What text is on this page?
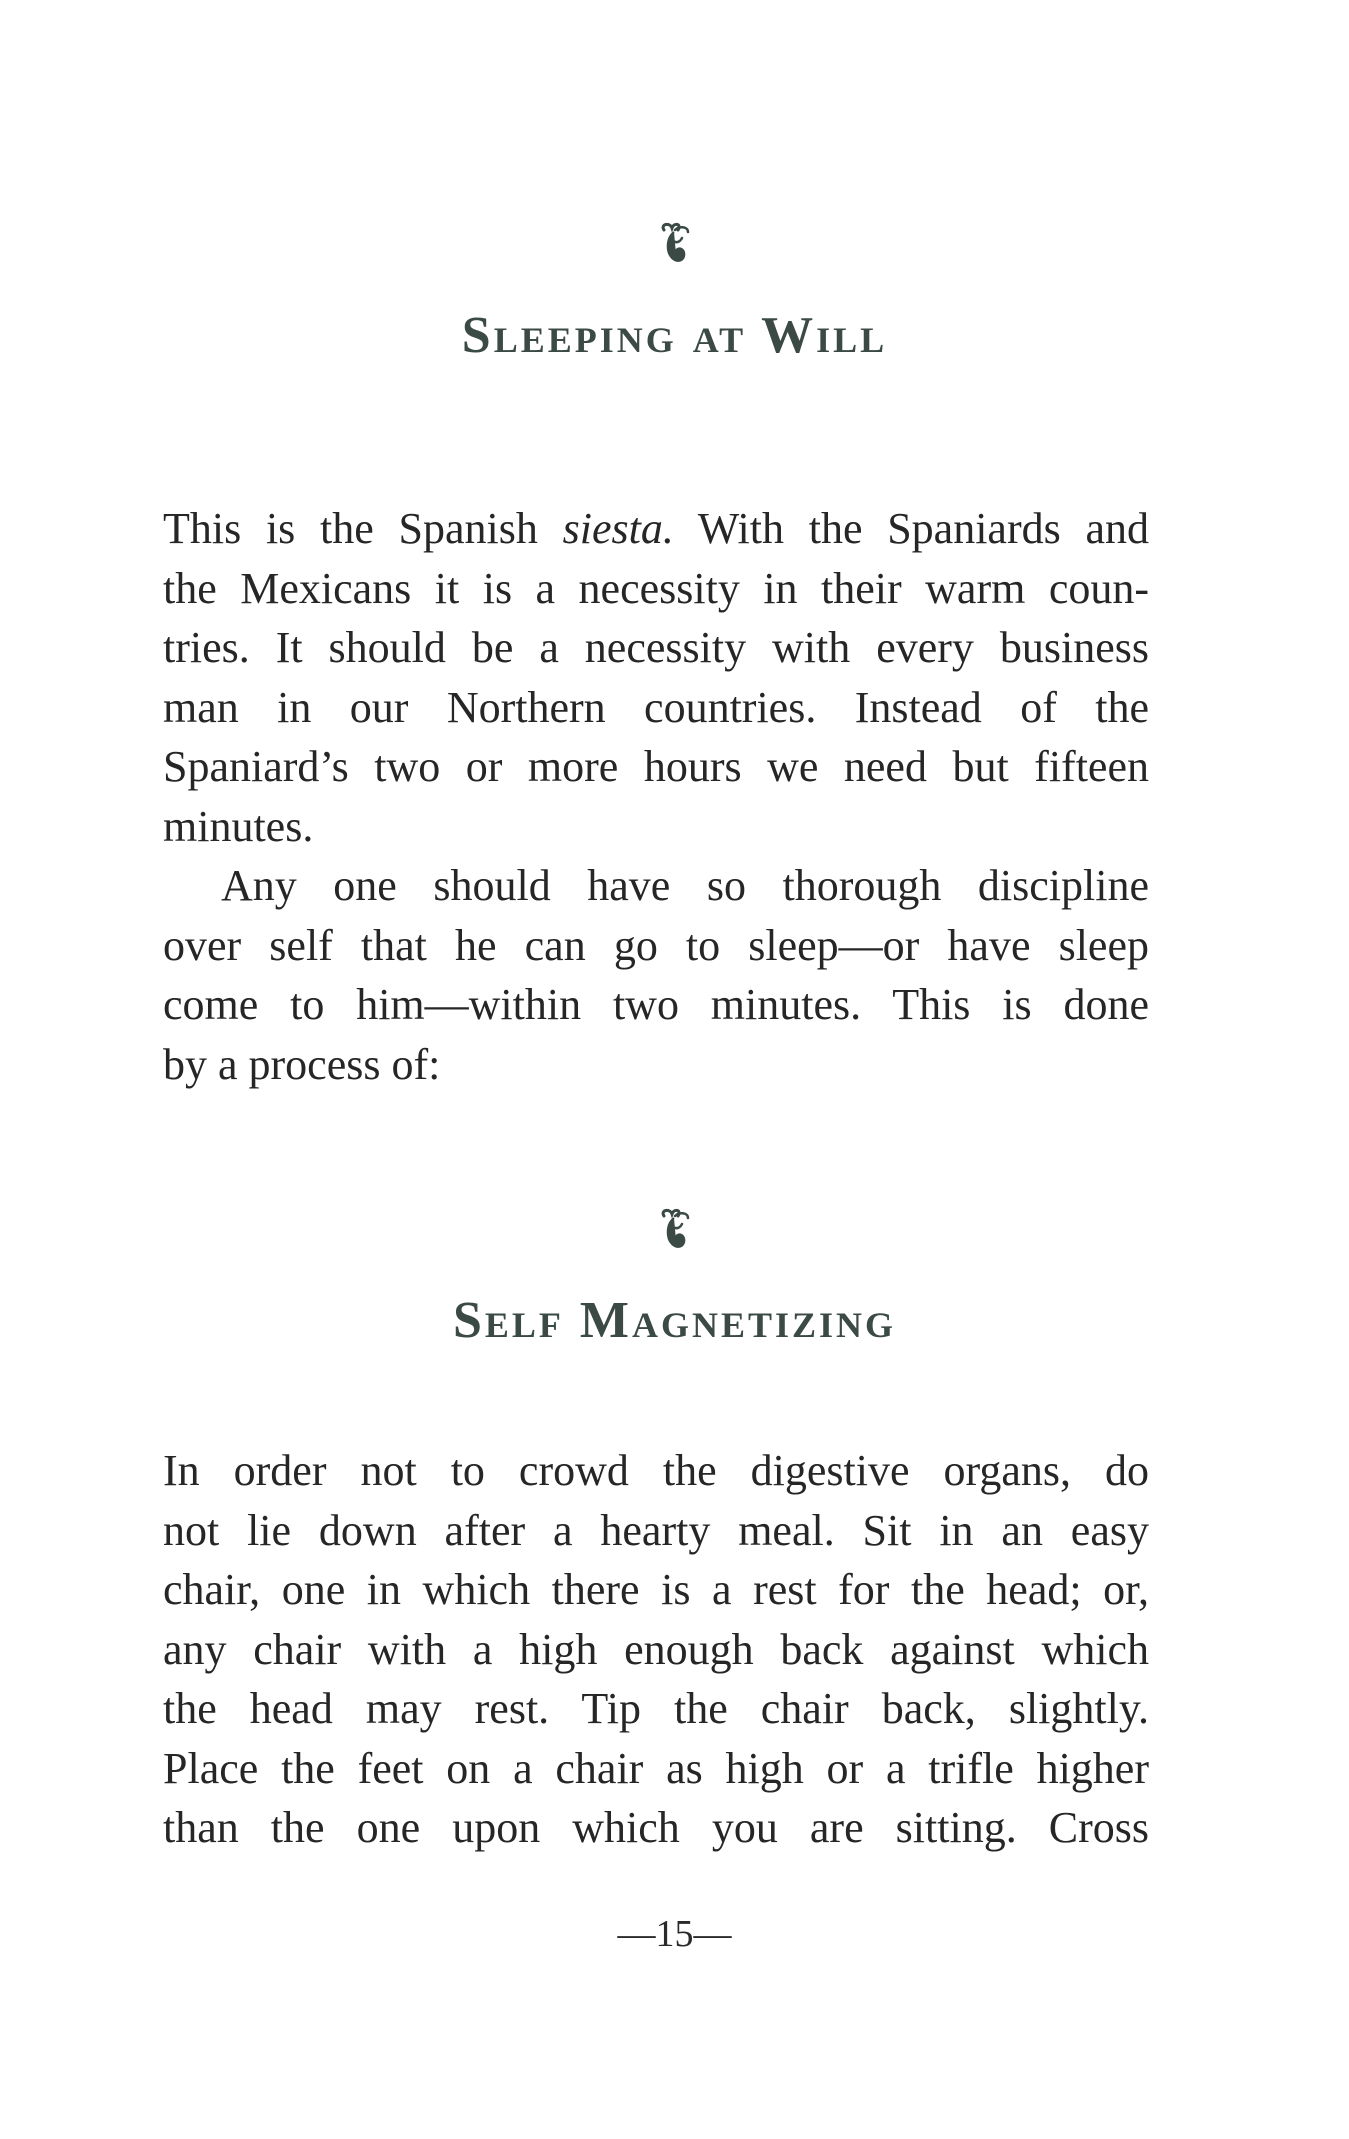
Sleeping at Will

This is the Spanish siesta. With the Spaniards and
the Mexicans it is a necessity in their warm coun-
tries. It should be a necessity with every business
man in our Northern countries. Instead of the
Spaniard’s two or more hours we need but fifteen
minutes.

Any one should have so thorough discipline
over self that he can go to sleep—or have sleep
come to him—within two minutes. This is done
by a process of:

Self Magnetizing

In order not to crowd the digestive organs, do
not lie down after a hearty meal. Sit in an easy
chair, one in which there is a rest for the head; or,
any chair with a high enough back against which
the head may rest. Tip the chair back, slightly.
Place the feet on a chair as high or a trifle higher
than the one upon which you are sitting. Cross

—15—
